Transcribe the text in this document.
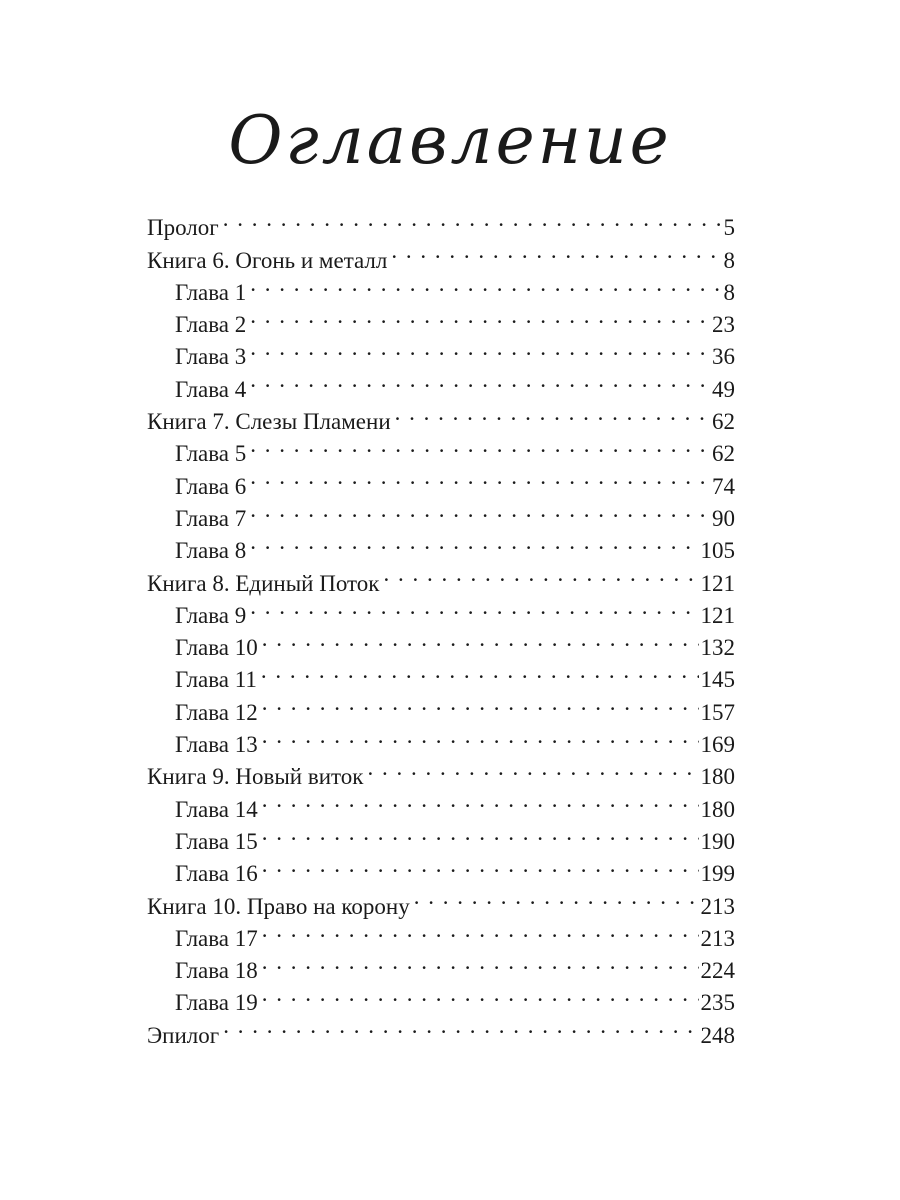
Оглавление
Пролог . . .	5
Книга 6. Огонь и металл . . .	8
Глава 1 . . .	8
Глава 2 . . .	23
Глава 3 . . .	36
Глава 4 . . .	49
Книга 7. Слезы Пламени . . .	62
Глава 5 . . .	62
Глава 6 . . .	74
Глава 7 . . .	90
Глава 8 . . .	105
Книга 8. Единый Поток . . .	121
Глава 9 . . .	121
Глава 10 . . .	132
Глава 11 . . .	145
Глава 12 . . .	157
Глава 13 . . .	169
Книга 9. Новый виток . . .	180
Глава 14 . . .	180
Глава 15 . . .	190
Глава 16 . . .	199
Книга 10. Право на корону . . .	213
Глава 17 . . .	213
Глава 18 . . .	224
Глава 19 . . .	235
Эпилог . . .	248
